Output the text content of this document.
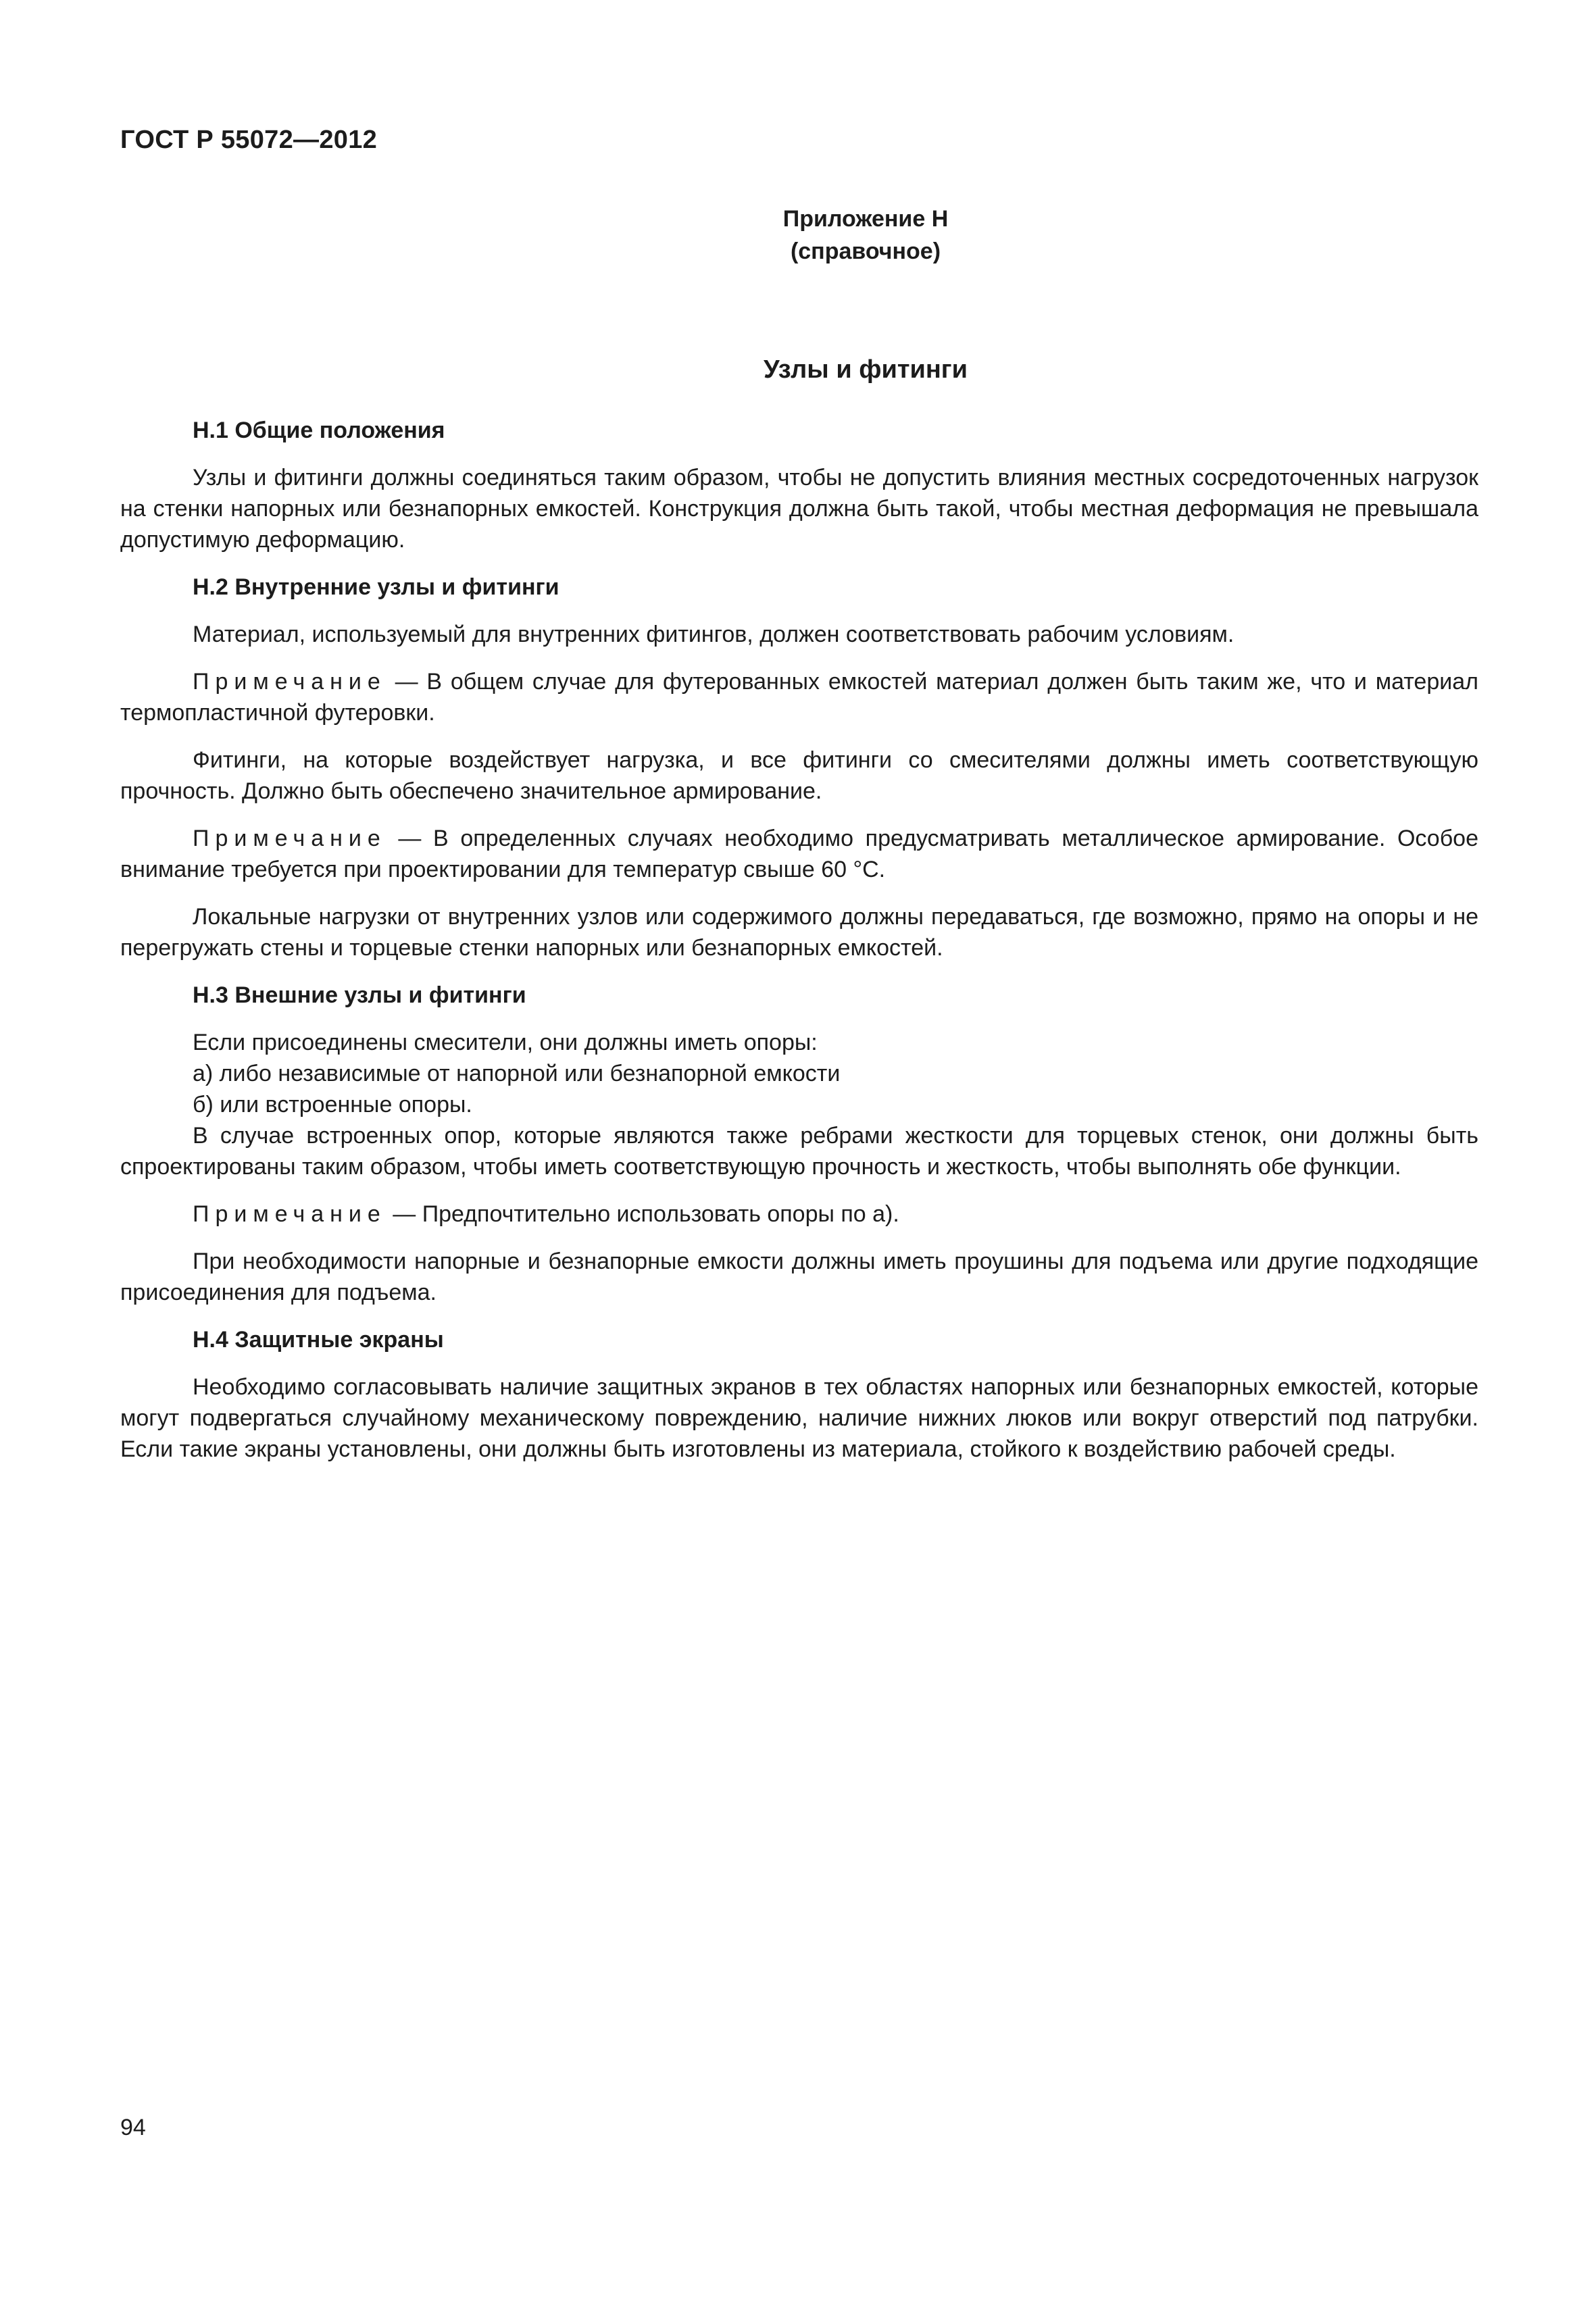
ГОСТ Р 55072—2012
Приложение Н
(справочное)
Узлы и фитинги
Н.1 Общие положения

Узлы и фитинги должны соединяться таким образом, чтобы не допустить влияния местных сосредоточенных нагрузок на стенки напорных или безнапорных емкостей. Конструкция должна быть такой, чтобы местная деформация не превышала допустимую деформацию.

Н.2 Внутренние узлы и фитинги

Материал, используемый для внутренних фитингов, должен соответствовать рабочим условиям.

Примечание — В общем случае для футерованных емкостей материал должен быть таким же, что и материал термопластичной футеровки.

Фитинги, на которые воздействует нагрузка, и все фитинги со смесителями должны иметь соответствующую прочность. Должно быть обеспечено значительное армирование.

Примечание — В определенных случаях необходимо предусматривать металлическое армирование. Особое внимание требуется при проектировании для температур свыше 60 °С.

Локальные нагрузки от внутренних узлов или содержимого должны передаваться, где возможно, прямо на опоры и не перегружать стены и торцевые стенки напорных или безнапорных емкостей.

Н.3 Внешние узлы и фитинги

Если присоединены смесители, они должны иметь опоры:

а) либо независимые от напорной или безнапорной емкости

б) или встроенные опоры.

В случае встроенных опор, которые являются также ребрами жесткости для торцевых стенок, они должны быть спроектированы таким образом, чтобы иметь соответствующую прочность и жесткость, чтобы выполнять обе функции.

Примечание — Предпочтительно использовать опоры по а).

При необходимости напорные и безнапорные емкости должны иметь проушины для подъема или другие подходящие присоединения для подъема.

Н.4 Защитные экраны

Необходимо согласовывать наличие защитных экранов в тех областях напорных или безнапорных емкостей, которые могут подвергаться случайному механическому повреждению, наличие нижних люков или вокруг отверстий под патрубки. Если такие экраны установлены, они должны быть изготовлены из материала, стойкого к воздействию рабочей среды.

94
